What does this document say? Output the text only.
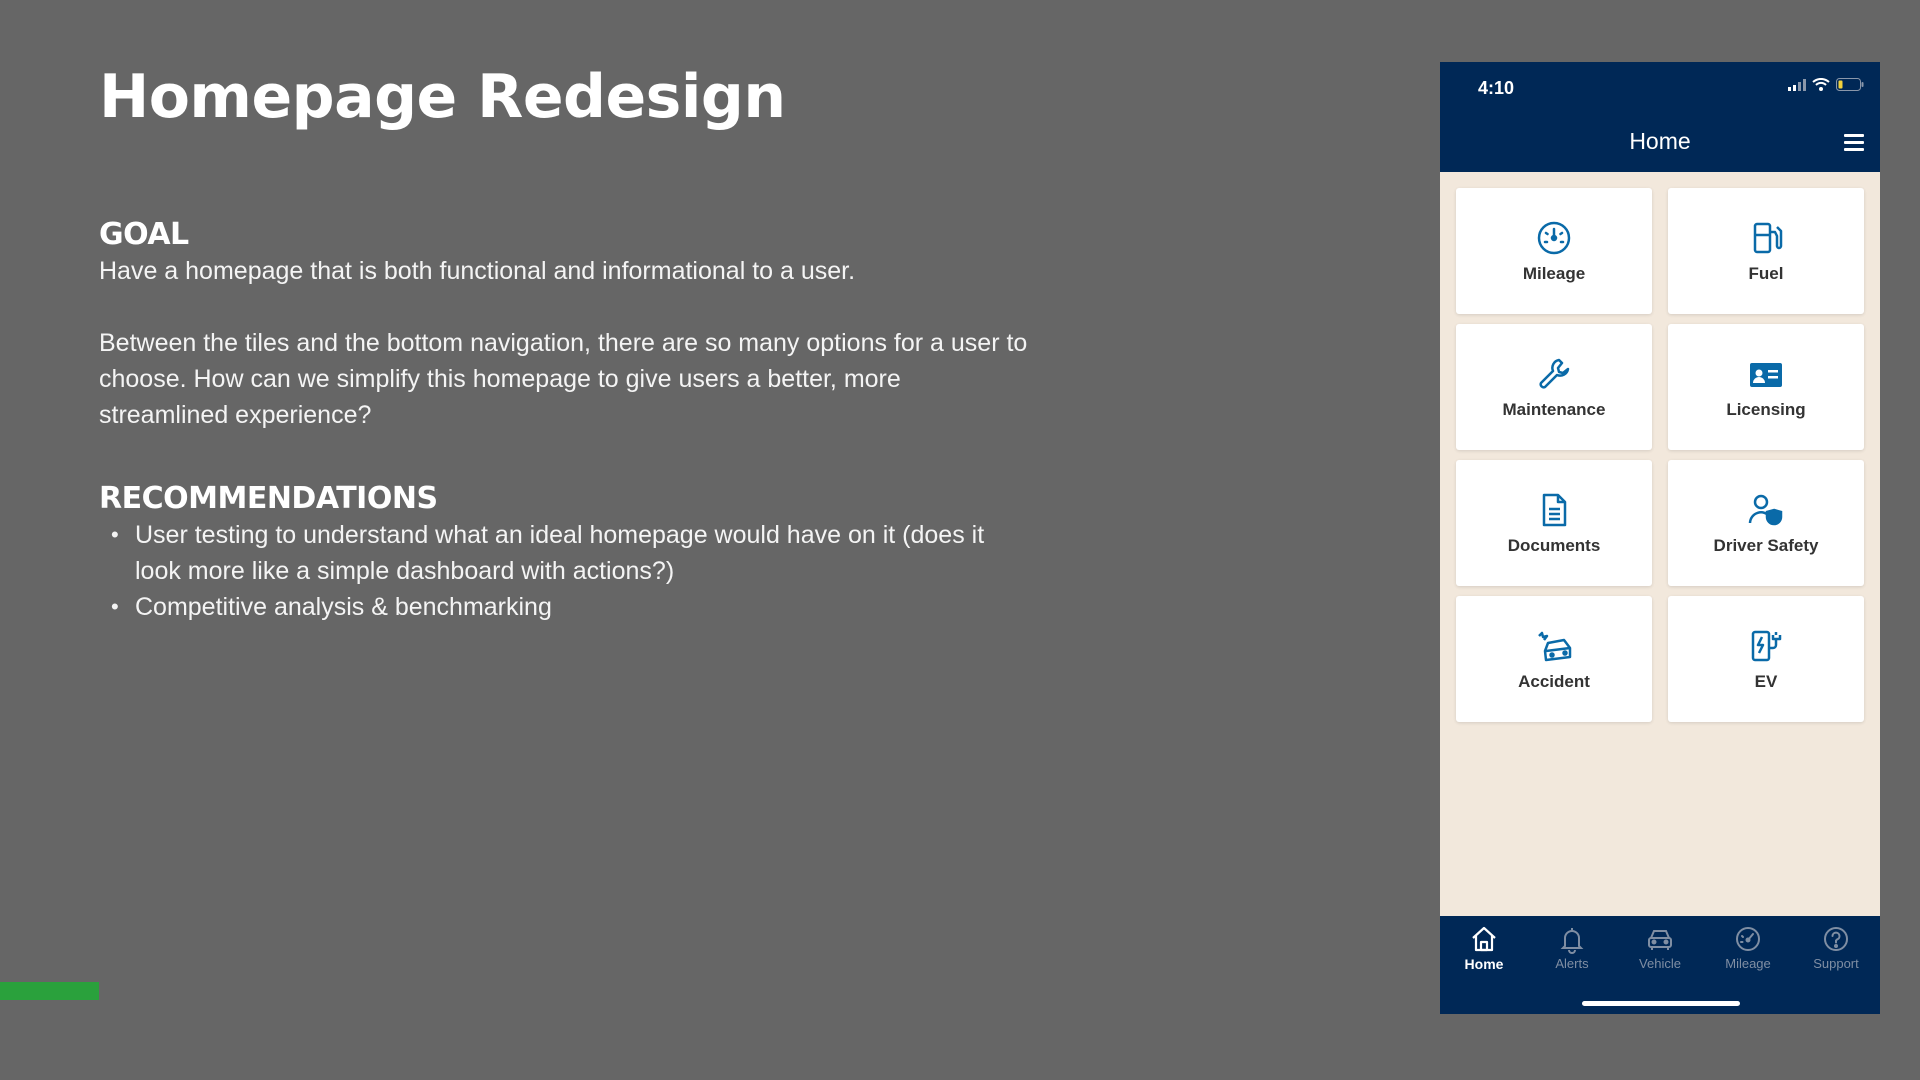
Homepage Redesign
GOAL

Have a homepage that is both functional and informational to a user.

Between the tiles and the bottom navigation, there are so many options for a user to choose. How can we simplify this homepage to give users a better, more streamlined experience?

RECOMMENDATIONS
• User testing to understand what an ideal homepage would have on it (does it look more like a simple dashboard with actions?)
• Competitive analysis & benchmarking
4:10
Home
Mileage	Fuel
Maintenance	Licensing
Documents	Driver Safety
Accident	EV
Home	Alerts	Vehicle	Mileage	Support
